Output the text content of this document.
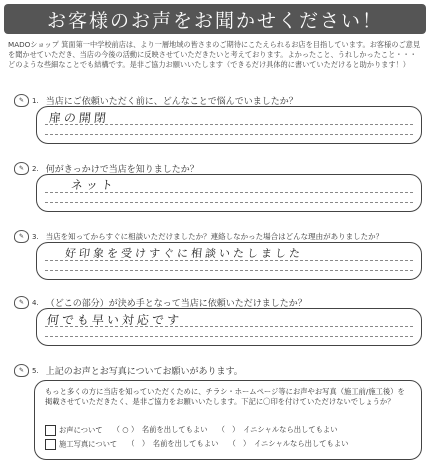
お客様のお声をお聞かせください！
MADOショップ 箕面第一中学校前店は、より一層地域の皆さまのご期待にこたえられるお店を目指しています。お客様のご意見を聞かせていただき、当店の今後の活動に反映させていただきたいと考えております。よかったこと、うれしかったこと・・・どのような些細なことでも結構です。是非ご協力お願いいたします（できるだけ具体的に書いていただけると助かります！）
✎	1. 当店にご依頼いただく前に、どんなことで悩んでいましたか？
扉の開閉
✎	2. 何がきっかけで当店を知りましたか？
ネット
✎	3. 当店を知ってからすぐに相談いただけましたか？連絡しなかった場合はどんな理由がありましたか？
好印象を受けすぐに相談いたしました
✎	4. （どこの部分）が決め手となって当店に依頼いただけましたか？
何でも早い対応です
✎	5. 上記のお声とお写真についてお願いがあります。
もっと多くの方に当店を知っていただくために、チラシ・ホームページ等にお声やお写真（施工前/施工後）を掲載させていただきたく、是非ご協力をお願いいたします。下記に〇印を付けていただけないでしょうか？
お声について （ ○ ）　名前を出してもよい （　）　イニシャルなら出してもよい
施工写真について （　）　名前を出してもよい （　）　イニシャルなら出してもよい
